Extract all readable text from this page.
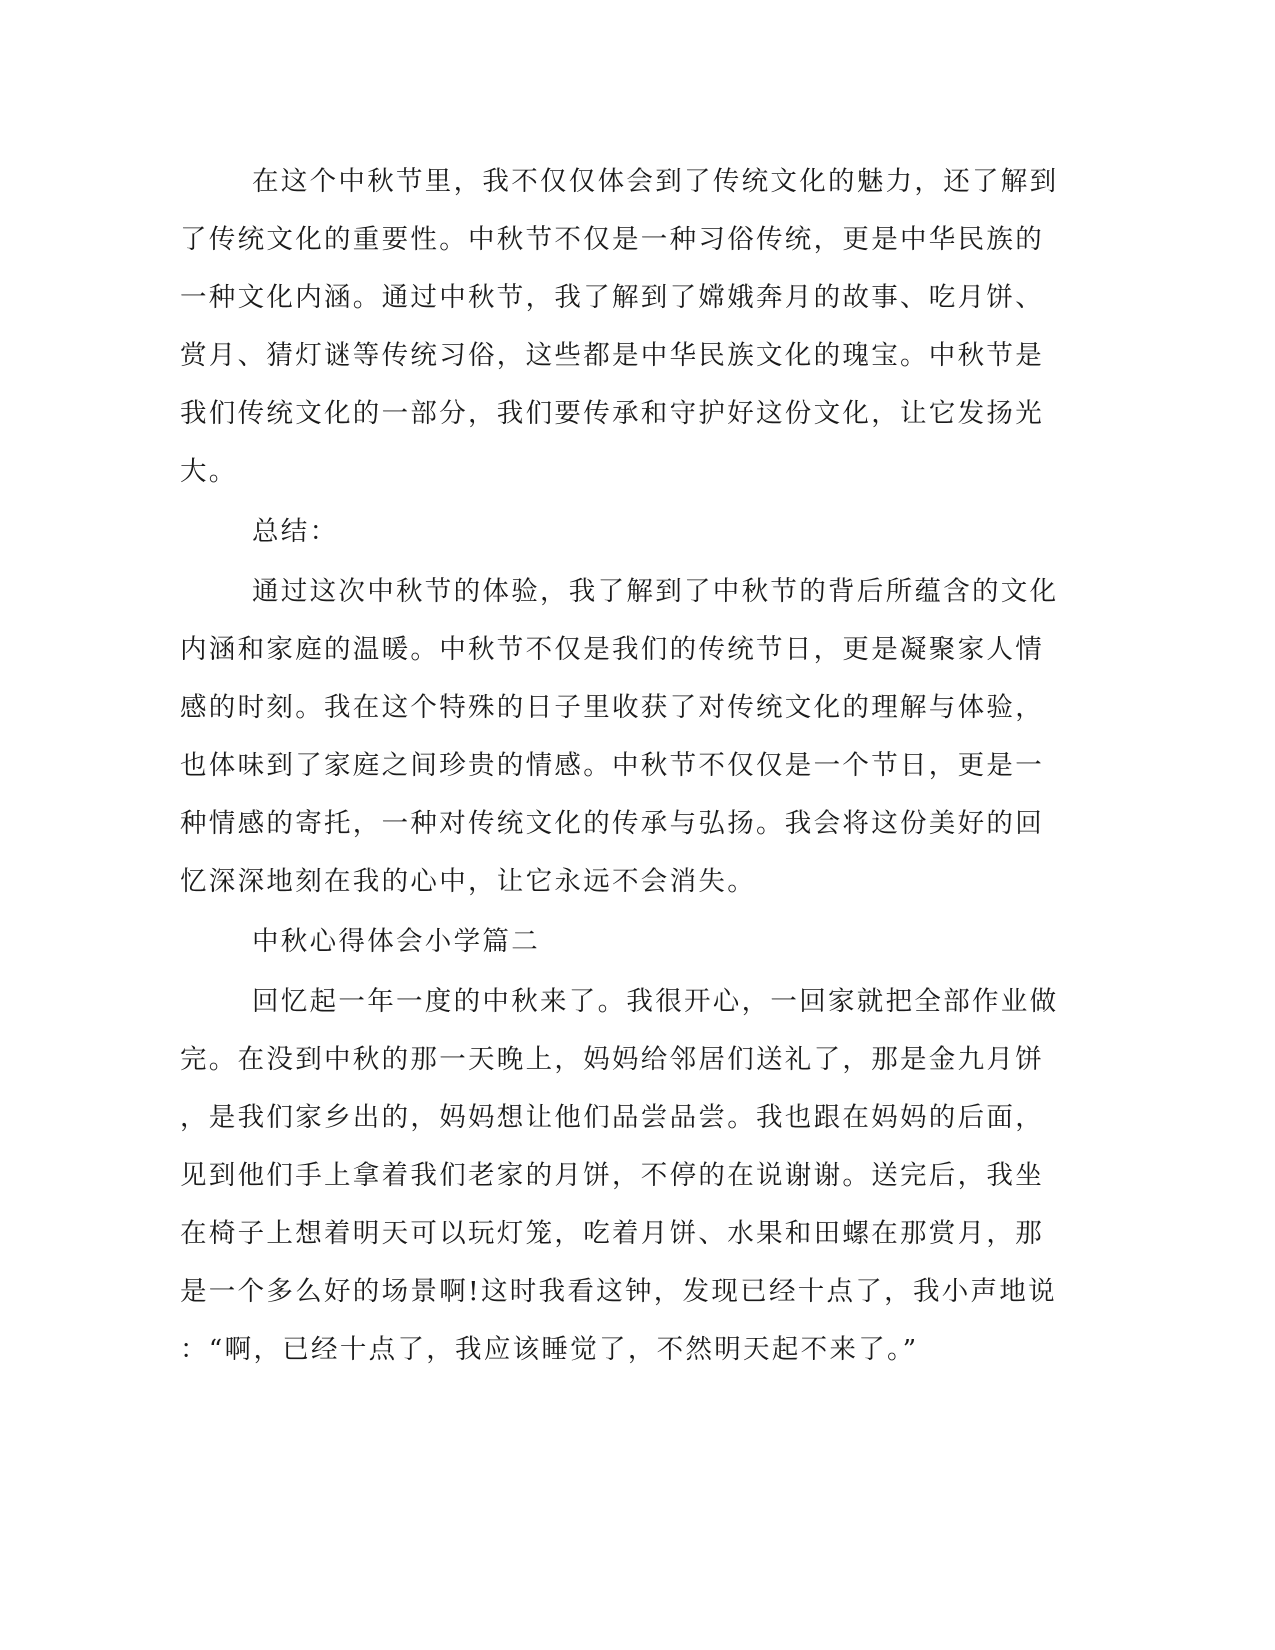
在这个中秋节里，我不仅仅体会到了传统文化的魅力，还了解到

了传统文化的重要性。中秋节不仅是一种习俗传统，更是中华民族的

一种文化内涵。通过中秋节，我了解到了嫦娥奔月的故事、吃月饼、

赏月、猜灯谜等传统习俗，这些都是中华民族文化的瑰宝。中秋节是

我们传统文化的一部分，我们要传承和守护好这份文化，让它发扬光

大。

总结：

通过这次中秋节的体验，我了解到了中秋节的背后所蕴含的文化

内涵和家庭的温暖。中秋节不仅是我们的传统节日，更是凝聚家人情

感的时刻。我在这个特殊的日子里收获了对传统文化的理解与体验，

也体味到了家庭之间珍贵的情感。中秋节不仅仅是一个节日，更是一

种情感的寄托，一种对传统文化的传承与弘扬。我会将这份美好的回

忆深深地刻在我的心中，让它永远不会消失。

中秋心得体会小学篇二

回忆起一年一度的中秋来了。我很开心，一回家就把全部作业做

完。在没到中秋的那一天晚上，妈妈给邻居们送礼了，那是金九月饼

，是我们家乡出的，妈妈想让他们品尝品尝。我也跟在妈妈的后面，

见到他们手上拿着我们老家的月饼，不停的在说谢谢。送完后，我坐

在椅子上想着明天可以玩灯笼，吃着月饼、水果和田螺在那赏月，那

是一个多么好的场景啊!这时我看这钟，发现已经十点了，我小声地说

：“啊，已经十点了，我应该睡觉了，不然明天起不来了。”
